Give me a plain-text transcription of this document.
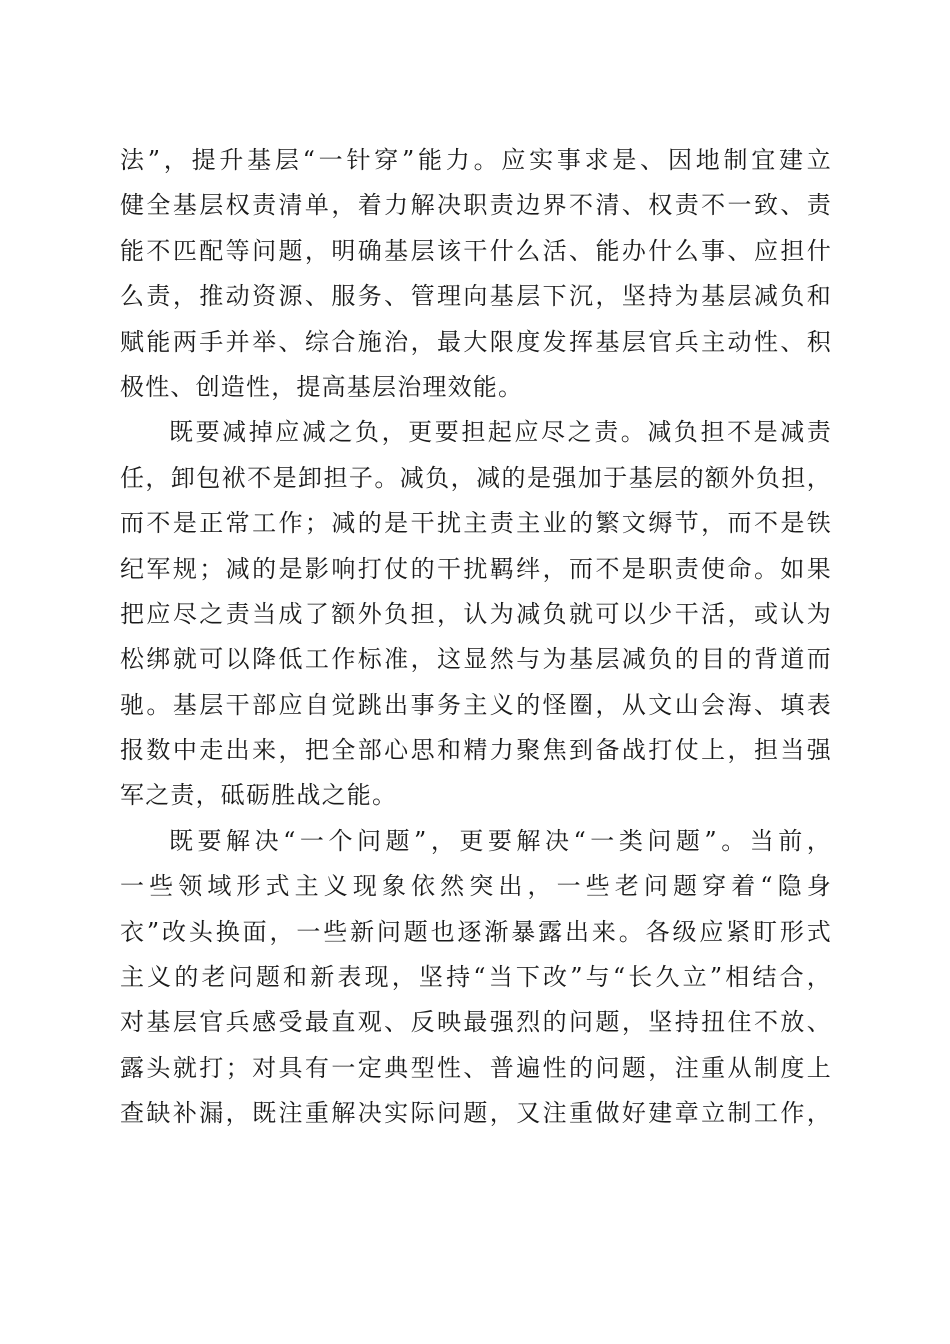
法”，提升基层“一针穿”能力。应实事求是、因地制宜建立
健全基层权责清单，着力解决职责边界不清、权责不一致、责
能不匹配等问题，明确基层该干什么活、能办什么事、应担什
么责，推动资源、服务、管理向基层下沉，坚持为基层减负和
赋能两手并举、综合施治，最大限度发挥基层官兵主动性、积
极性、创造性，提高基层治理效能。
既要减掉应减之负，更要担起应尽之责。减负担不是减责
任，卸包袱不是卸担子。减负，减的是强加于基层的额外负担，
而不是正常工作；减的是干扰主责主业的繁文缛节，而不是铁
纪军规；减的是影响打仗的干扰羁绊，而不是职责使命。如果
把应尽之责当成了额外负担，认为减负就可以少干活，或认为
松绑就可以降低工作标准，这显然与为基层减负的目的背道而
驰。基层干部应自觉跳出事务主义的怪圈，从文山会海、填表
报数中走出来，把全部心思和精力聚焦到备战打仗上，担当强
军之责，砥砺胜战之能。
既要解决“一个问题”，更要解决“一类问题”。当前，
一些领域形式主义现象依然突出，一些老问题穿着“隐身
衣”改头换面，一些新问题也逐渐暴露出来。各级应紧盯形式
主义的老问题和新表现，坚持“当下改”与“长久立”相结合，
对基层官兵感受最直观、反映最强烈的问题，坚持扭住不放、
露头就打；对具有一定典型性、普遍性的问题，注重从制度上
查缺补漏，既注重解决实际问题，又注重做好建章立制工作，
